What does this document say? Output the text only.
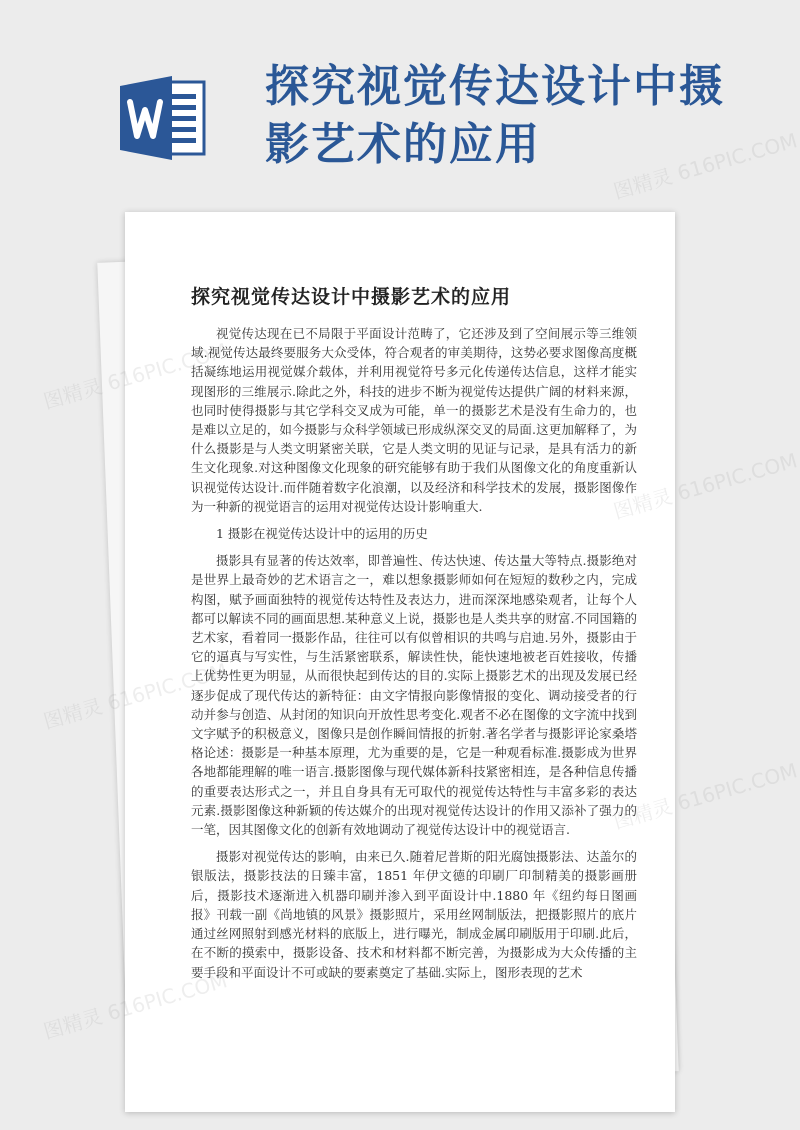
探究视觉传达设计中摄
影艺术的应用
探究视觉传达设计中摄影艺术的应用

视觉传达现在已不局限于平面设计范畴了，它还涉及到了空间展示等三维领域.视觉传达最终要服务大众受体，符合观者的审美期待，这势必要求图像高度概括凝练地运用视觉媒介载体，并利用视觉符号多元化传递传达信息，这样才能实现图形的三维展示.除此之外，科技的进步不断为视觉传达提供广阔的材料来源，也同时使得摄影与其它学科交叉成为可能，单一的摄影艺术是没有生命力的，也是难以立足的，如今摄影与众科学领域已形成纵深交叉的局面.这更加解释了，为什么摄影是与人类文明紧密关联，它是人类文明的见证与记录，是具有活力的新生文化现象.对这种图像文化现象的研究能够有助于我们从图像文化的角度重新认识视觉传达设计.而伴随着数字化浪潮，以及经济和科学技术的发展，摄影图像作为一种新的视觉语言的运用对视觉传达设计影响重大.

1 摄影在视觉传达设计中的运用的历史

摄影具有显著的传达效率，即普遍性、传达快速、传达量大等特点.摄影绝对是世界上最奇妙的艺术语言之一，难以想象摄影师如何在短短的数秒之内，完成构图，赋予画面独特的视觉传达特性及表达力，进而深深地感染观者，让每个人都可以解读不同的画面思想.某种意义上说，摄影也是人类共享的财富.不同国籍的艺术家，看着同一摄影作品，往往可以有似曾相识的共鸣与启迪.另外，摄影由于它的逼真与写实性，与生活紧密联系，解读性快，能快速地被老百姓接收，传播上优势性更为明显，从而很快起到传达的目的.实际上摄影艺术的出现及发展已经逐步促成了现代传达的新特征：由文字情报向影像情报的变化、调动接受者的行动并参与创造、从封闭的知识向开放性思考变化.观者不必在图像的文字流中找到文字赋予的积极意义，图像只是创作瞬间情报的折射.著名学者与摄影评论家桑塔格论述：摄影是一种基本原理，尤为重要的是，它是一种观看标准.摄影成为世界各地都能理解的唯一语言.摄影图像与现代媒体新科技紧密相连，是各种信息传播的重要表达形式之一，并且自身具有无可取代的视觉传达特性与丰富多彩的表达元素.摄影图像这种新颖的传达媒介的出现对视觉传达设计的作用又添补了强力的一笔，因其图像文化的创新有效地调动了视觉传达设计中的视觉语言.

摄影对视觉传达的影响，由来已久.随着尼普斯的阳光腐蚀摄影法、达盖尔的银版法，摄影技法的日臻丰富，1851 年伊文德的印刷厂印制精美的摄影画册后，摄影技术逐渐进入机器印刷并渗入到平面设计中.1880 年《纽约每日图画报》刊载一副《尚地镇的风景》摄影照片，采用丝网制版法，把摄影照片的底片通过丝网照射到感光材料的底版上，进行曝光，制成金属印刷版用于印刷.此后，在不断的摸索中，摄影设备、技术和材料都不断完善，为摄影成为大众传播的主要手段和平面设计不可或缺的要素奠定了基础.实际上，图形表现的艺术

图精灵 616PIC.COM
图精灵
图精灵 616PIC.COM
图精灵
图精灵 616PIC.COM
图精灵
